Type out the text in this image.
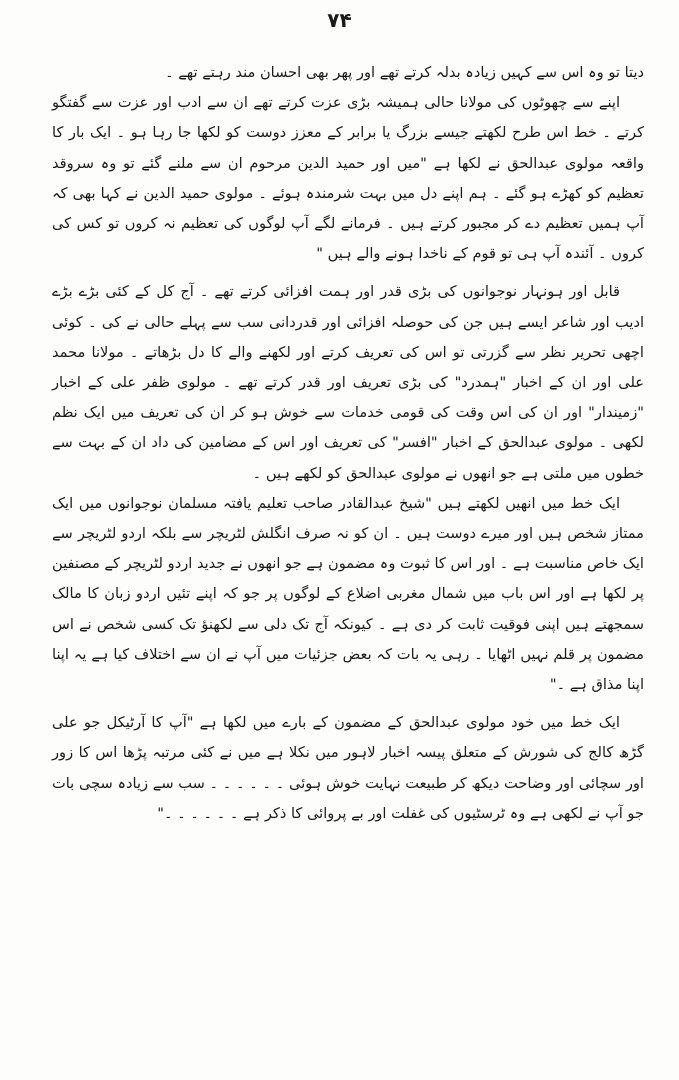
۷۴

دیتا تو وہ اس سے کہیں زیادہ بدلہ کرتے تھے اور پھر بھی احسان مند رہتے تھے ۔

اپنے سے چھوٹوں کی مولانا حالی ہمیشہ بڑی عزت کرتے تھے ان سے ادب اور عزت سے گفتگو کرتے ۔ خط اس طرح لکھتے جیسے بزرگ یا برابر کے معزز دوست کو لکھا جا رہا ہو ۔ ایک بار کا واقعہ مولوی عبدالحق نے لکھا ہے "میں اور حمید الدین مرحوم ان سے ملنے گئے تو وہ سروقد تعظیم کو کھڑے ہو گئے ۔ ہم اپنے دل میں بہت شرمندہ ہوئے ۔ مولوی حمید الدین نے کہا بھی کہ آپ ہمیں تعظیم دے کر مجبور کرتے ہیں ۔ فرمانے لگے آپ لوگوں کی تعظیم نہ کروں تو کس کی کروں ۔ آئندہ آپ ہی تو قوم کے ناخدا ہونے والے ہیں "

قابل اور ہونہار نوجوانوں کی بڑی قدر اور ہمت افزائی کرتے تھے ۔ آج کل کے کئی بڑے بڑے ادیب اور شاعر ایسے ہیں جن کی حوصلہ افزائی اور قدردانی سب سے پہلے حالی نے کی ۔ کوئی اچھی تحریر نظر سے گزرتی تو اس کی تعریف کرتے اور لکھنے والے کا دل بڑھاتے ۔ مولانا محمد علی اور ان کے اخبار "ہمدرد" کی بڑی تعریف اور قدر کرتے تھے ۔ مولوی ظفر علی کے اخبار "زمیندار" اور ان کی اس وقت کی قومی خدمات سے خوش ہو کر ان کی تعریف میں ایک نظم لکھی ۔ مولوی عبدالحق کے اخبار "افسر" کی تعریف اور اس کے مضامین کی داد ان کے بہت سے خطوں میں ملتی ہے جو انھوں نے مولوی عبدالحق کو لکھے ہیں ۔

ایک خط میں انھیں لکھتے ہیں "شیخ عبدالقادر صاحب تعلیم یافتہ مسلمان نوجوانوں میں ایک ممتاز شخص ہیں اور میرے دوست ہیں ۔ ان کو نہ صرف انگلش لٹریچر سے بلکہ اردو لٹریچر سے ایک خاص مناسبت ہے ۔ اور اس کا ثبوت وہ مضمون ہے جو انھوں نے جدید اردو لٹریچر کے مصنفین پر لکھا ہے اور اس باب میں شمال مغربی اضلاع کے لوگوں پر جو کہ اپنے تئیں اردو زبان کا مالک سمجھتے ہیں اپنی فوقیت ثابت کر دی ہے ۔ کیونکہ آج تک دلی سے لکھنؤ تک کسی شخص نے اس مضمون پر قلم نہیں اٹھایا ۔ رہی یہ بات کہ بعض جزئیات میں آپ نے ان سے اختلاف کیا ہے یہ اپنا اپنا مذاق ہے ۔"

ایک خط میں خود مولوی عبدالحق کے مضمون کے بارے میں لکھا ہے "آپ کا آرٹیکل جو علی گڑھ کالج کی شورش کے متعلق پیسہ اخبار لاہور میں نکلا ہے میں نے کئی مرتبہ پڑھا اس کا زور اور سچائی اور وضاحت دیکھ کر طبیعت نہایت خوش ہوئی ۔ ۔ ۔ ۔ ۔ ۔ سب سے زیادہ سچی بات جو آپ نے لکھی ہے وہ ٹرسٹیوں کی غفلت اور بے پروائی کا ذکر ہے ۔ ۔ ۔ ۔ ۔ ۔"
